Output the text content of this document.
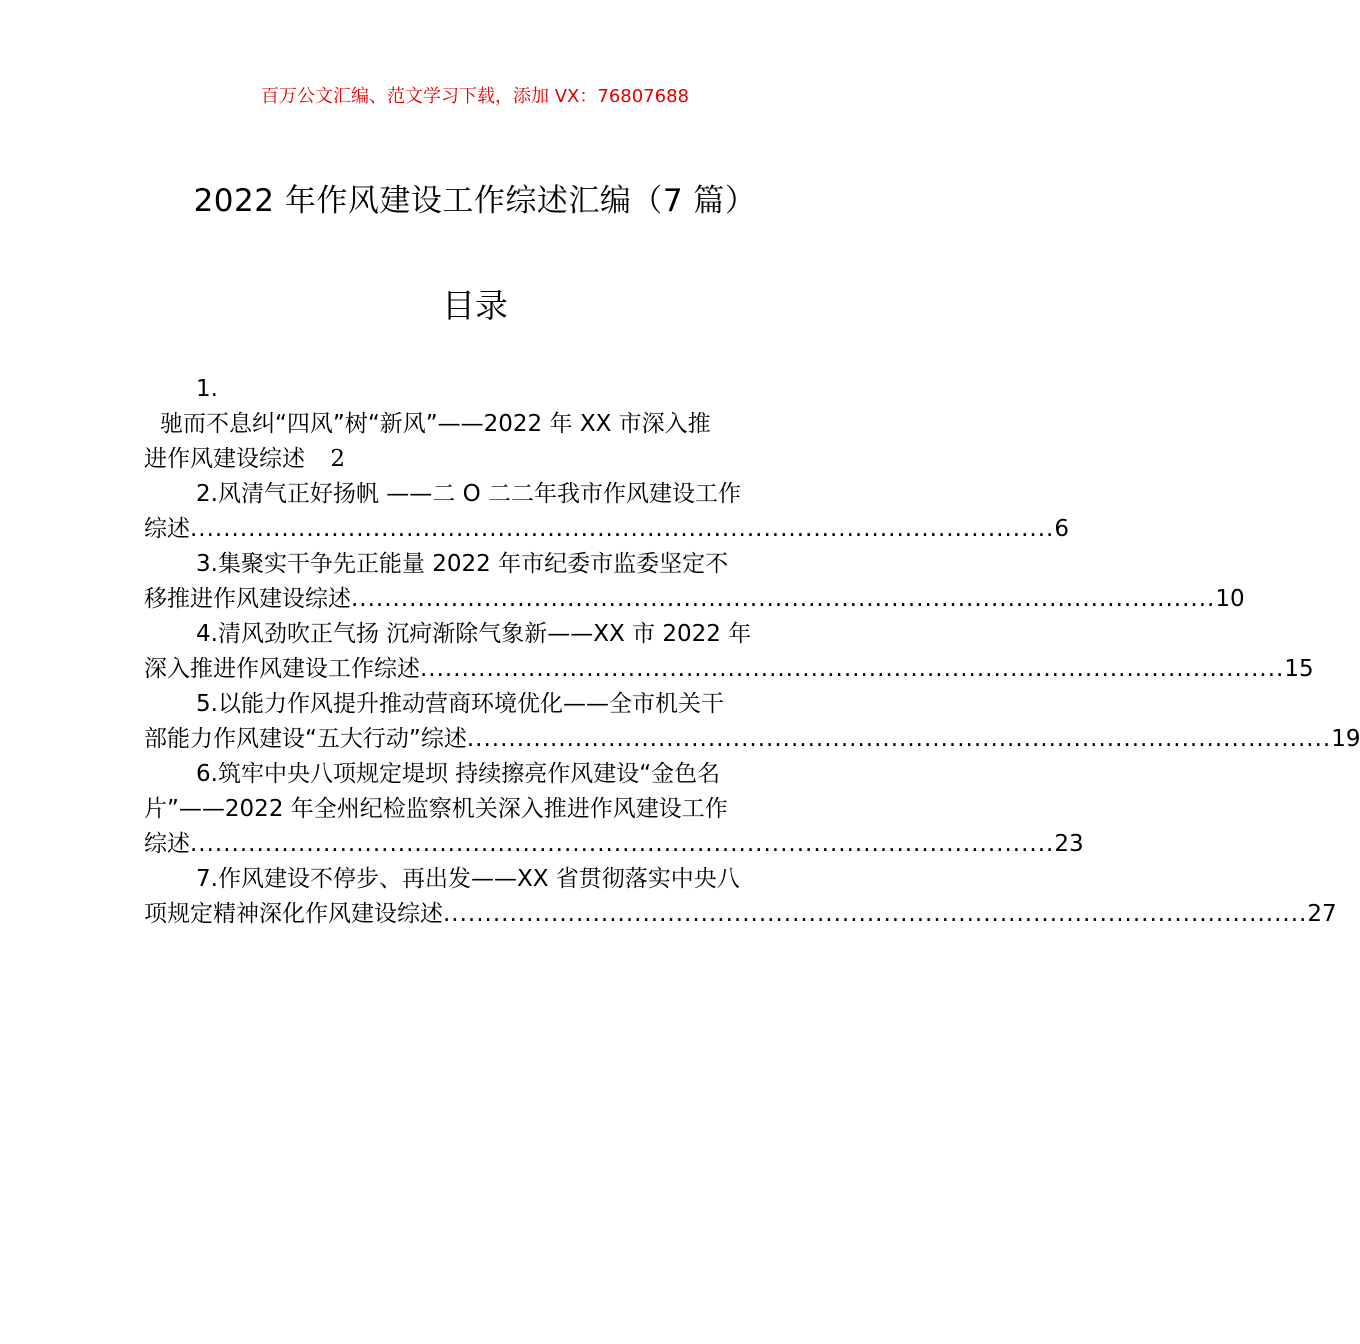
百万公文汇编、范文学习下载，添加 VX：76807688
2022 年作风建设工作综述汇编（7 篇）
目录
1.
驰而不息纠“四风”树“新风”——2022 年 XX 市深入推
进作风建设综述 2
2.风清气正好扬帆 ——二 O 二二年我市作风建设工作
综述 ........................................................................................................ 6
3.集聚实干争先正能量 2022 年市纪委市监委坚定不
移推进作风建设综述 ........................................................................................................ 10
4.清风劲吹正气扬 沉疴渐除气象新——XX 市 2022 年
深入推进作风建设工作综述 ........................................................................................................ 15
5.以能力作风提升推动营商环境优化——全市机关干
部能力作风建设“五大行动”综述 ........................................................................................................ 19
6.筑牢中央八项规定堤坝 持续擦亮作风建设“金色名
片”——2022 年全州纪检监察机关深入推进作风建设工作
综述 ........................................................................................................ 23
7.作风建设不停步、再出发——XX 省贯彻落实中央八
项规定精神深化作风建设综述 ........................................................................................................ 27
